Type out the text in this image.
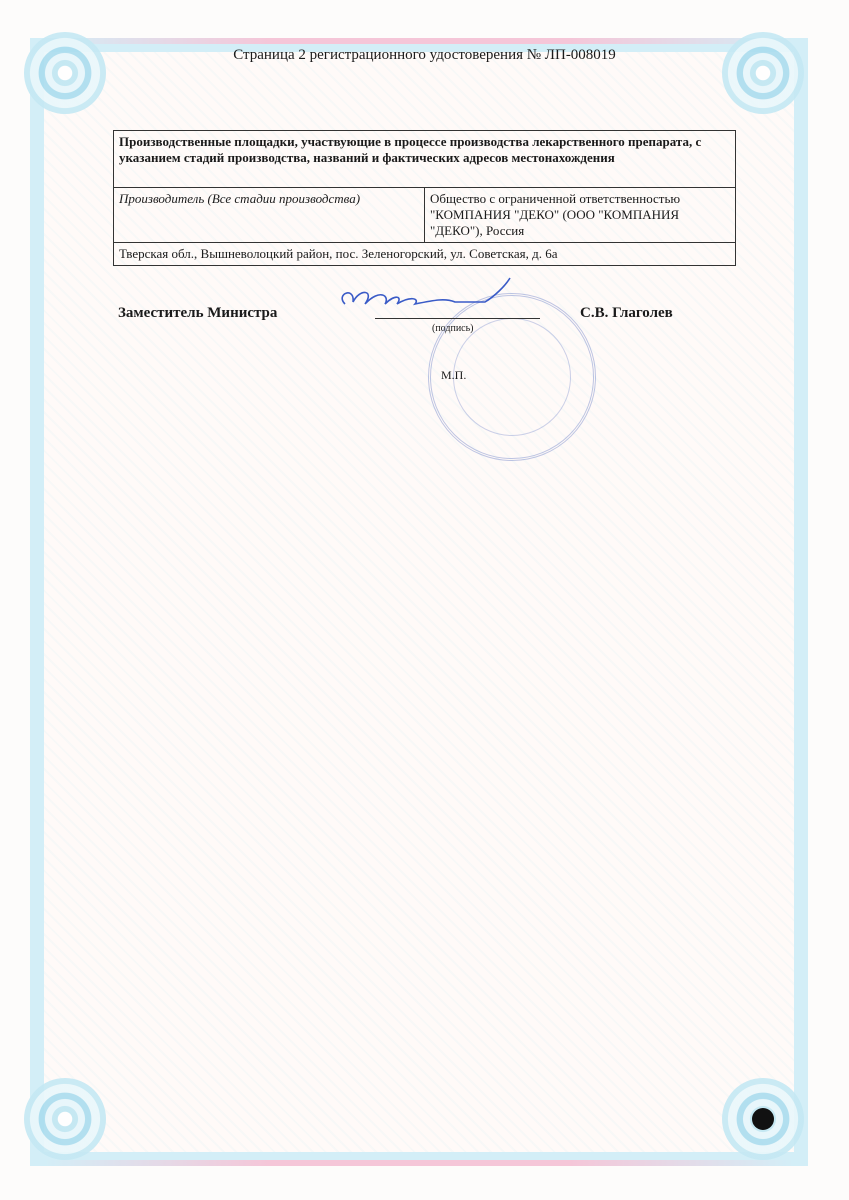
Страница 2 регистрационного удостоверения № ЛП-008019
Производственные площадки, участвующие в процессе производства лекарственного препарата, с указанием стадий производства, названий и фактических адресов местонахождения
Производитель (Все стадии производства)	Общество с ограниченной ответственностью "КОМПАНИЯ "ДЕКО" (ООО "КОМПАНИЯ "ДЕКО"), Россия
Тверская обл., Вышневолоцкий район, пос. Зеленогорский, ул. Советская, д. 6а
Заместитель Министра	С.В. Глаголев
(подпись)
М.П.
